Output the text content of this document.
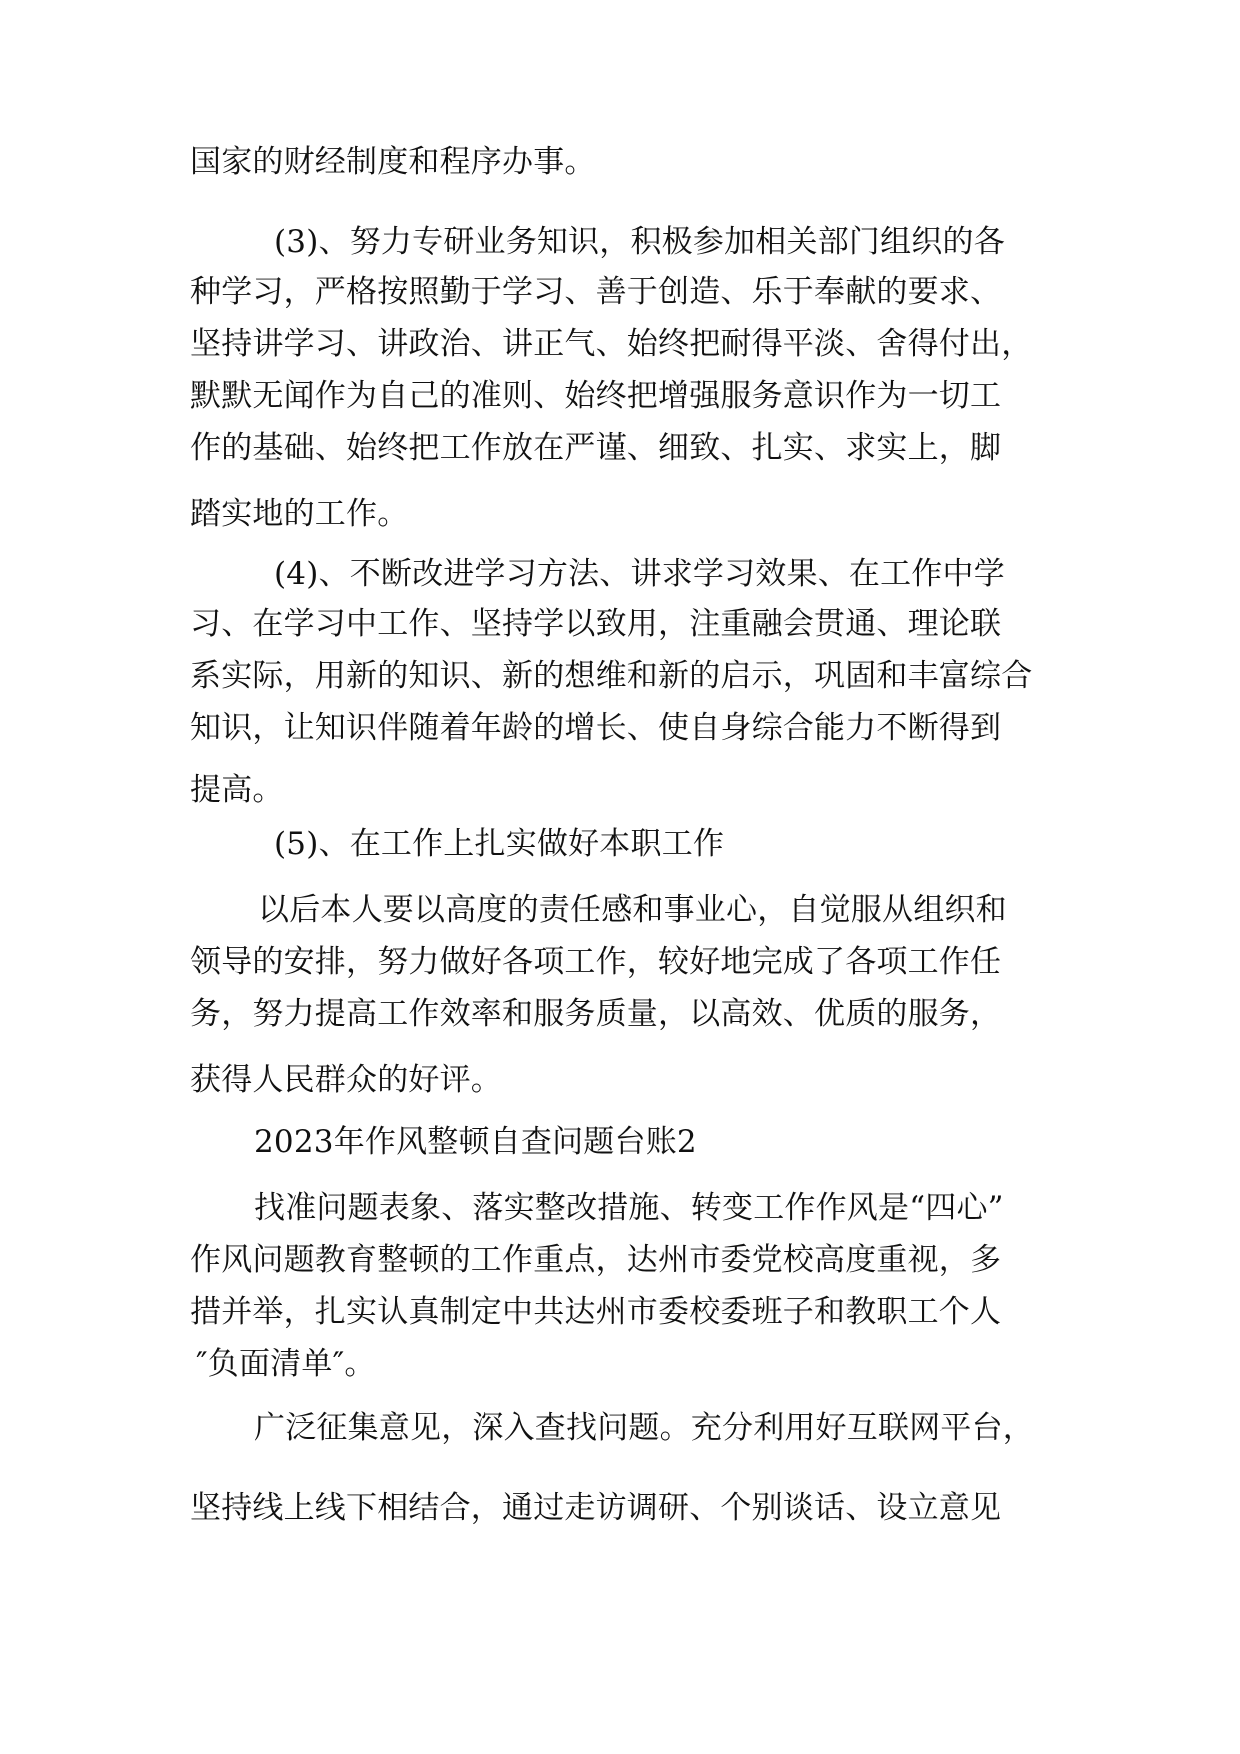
国家的财经制度和程序办事。
(3)、努力专研业务知识，积极参加相关部门组织的各
种学习，严格按照勤于学习、善于创造、乐于奉献的要求、
坚持讲学习、讲政治、讲正气、始终把耐得平淡、舍得付出，
默默无闻作为自己的准则、始终把增强服务意识作为一切工
作的基础、始终把工作放在严谨、细致、扎实、求实上，脚
踏实地的工作。
(4)、不断改进学习方法、讲求学习效果、在工作中学
习、在学习中工作、坚持学以致用，注重融会贯通、理论联
系实际，用新的知识、新的想维和新的启示，巩固和丰富综合
知识，让知识伴随着年龄的增长、使自身综合能力不断得到
提高。
(5)、在工作上扎实做好本职工作
以后本人要以高度的责任感和事业心，自觉服从组织和
领导的安排，努力做好各项工作，较好地完成了各项工作任
务，努力提高工作效率和服务质量，以高效、优质的服务，
获得人民群众的好评。
2023年作风整顿自查问题台账2
找准问题表象、落实整改措施、转变工作作风是“四心”
作风问题教育整顿的工作重点，达州市委党校高度重视，多
措并举，扎实认真制定中共达州市委校委班子和教职工个人
″负面清单″。
广泛征集意见，深入查找问题。充分利用好互联网平台，
坚持线上线下相结合，通过走访调研、个别谈话、设立意见
